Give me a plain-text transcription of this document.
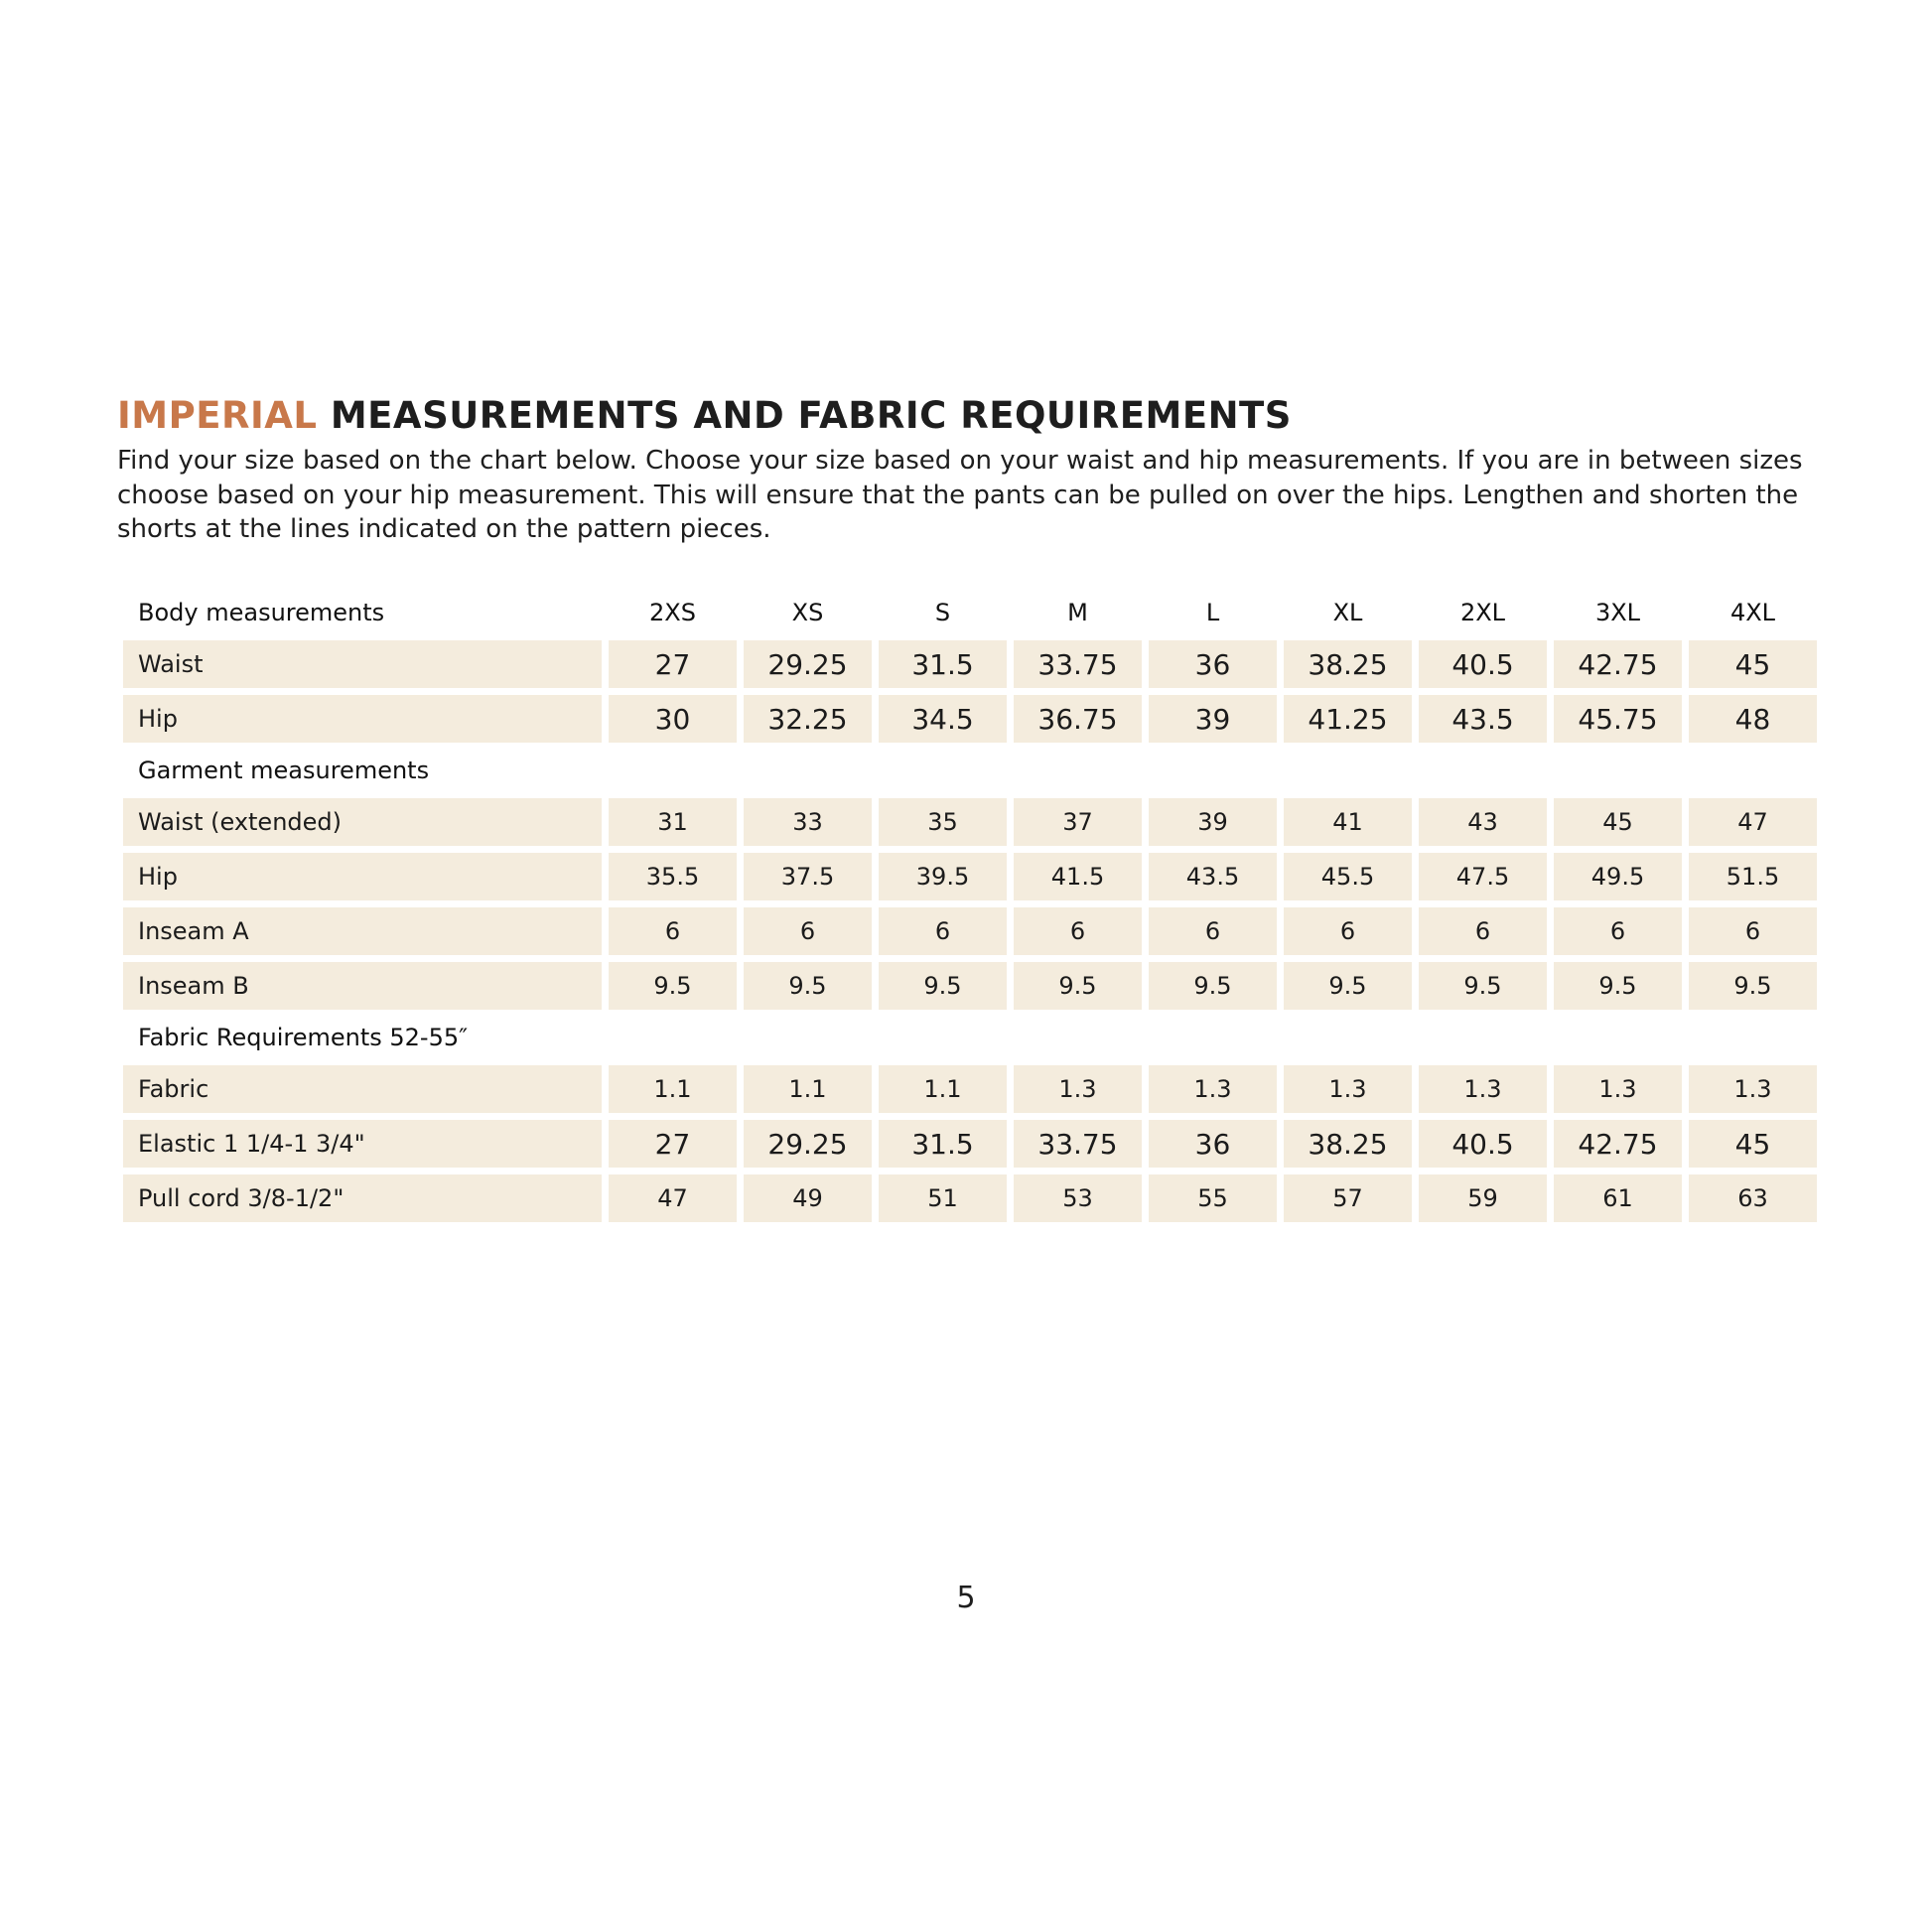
IMPERIAL MEASUREMENTS AND FABRIC REQUIREMENTS

Find your size based on the chart below. Choose your size based on your waist and hip measurements. If you are in between sizes choose based on your hip measurement. This will ensure that the pants can be pulled on over the hips. Lengthen and shorten the shorts at the lines indicated on the pattern pieces.

Body measurements	2XS	XS	S	M	L	XL	2XL	3XL	4XL
Waist	27	29.25	31.5	33.75	36	38.25	40.5	42.75	45
Hip	30	32.25	34.5	36.75	39	41.25	43.5	45.75	48
Garment measurements									
Waist (extended)	31	33	35	37	39	41	43	45	47
Hip	35.5	37.5	39.5	41.5	43.5	45.5	47.5	49.5	51.5
Inseam A	6	6	6	6	6	6	6	6	6
Inseam B	9.5	9.5	9.5	9.5	9.5	9.5	9.5	9.5	9.5
Fabric Requirements 52-55″									
Fabric	1.1	1.1	1.1	1.3	1.3	1.3	1.3	1.3	1.3
Elastic 1 1/4-1 3/4"	27	29.25	31.5	33.75	36	38.25	40.5	42.75	45
Pull cord 3/8-1/2"	47	49	51	53	55	57	59	61	63
5
